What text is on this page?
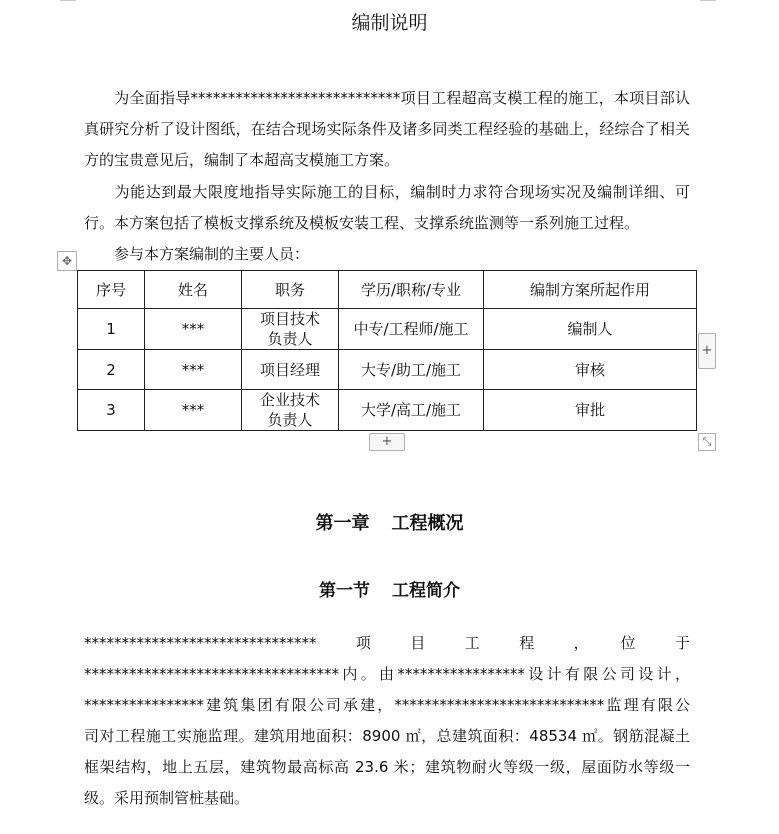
编制说明
为全面指导****************************项目工程超高支模工程的施工，本项目部认真研究分析了设计图纸，在结合现场实际条件及诸多同类工程经验的基础上，经综合了相关方的宝贵意见后，编制了本超高支模施工方案。
为能达到最大限度地指导实际施工的目标，编制时力求符合现场实况及编制详细、可行。本方案包括了模板支撑系统及模板安装工程、支撑系统监测等一系列施工过程。
参与本方案编制的主要人员：
✥
序号	姓名	职务	学历/职称/专业	编制方案所起作用
1	***	项目技术负责人	中专/工程师/施工	编制人
2	***	项目经理	大专/助工/施工	审核
3	***	企业技术负责人	大学/高工/施工	审批
+
+	⤡
第一章 工程概况
第一节 工程简介
*******************************　项　目　工　程　，　位　于
**********************************内。由*****************设计有限公司设计，
****************建筑集团有限公司承建，****************************监理有限公
司对工程施工实施监理。建筑用地面积：8900 ㎡，总建筑面积：48534 ㎡。钢筋混凝土
框架结构，地上五层，建筑物最高标高 23.6 米；建筑物耐火等级一级，屋面防水等级一
级。采用预制管桩基础。
